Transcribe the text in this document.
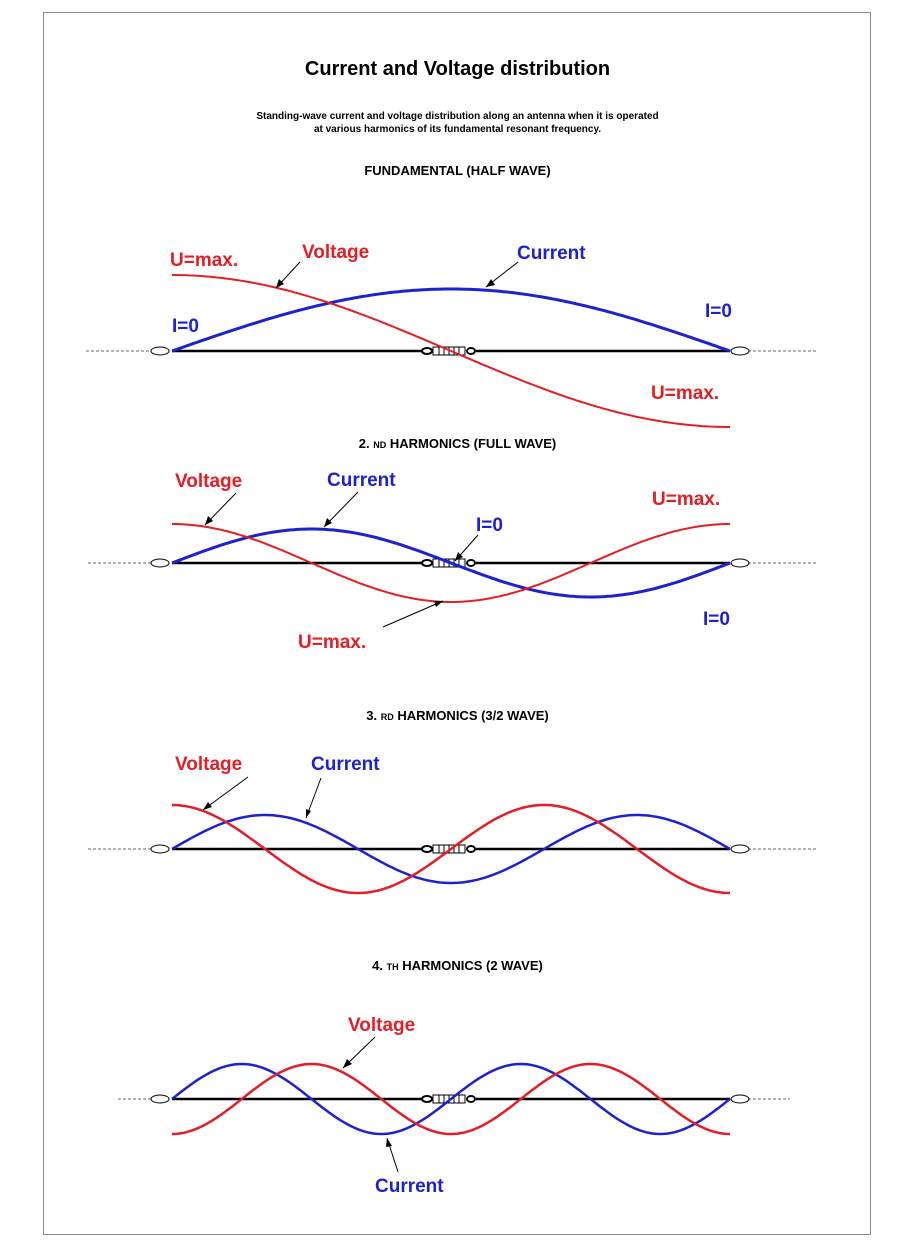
Current and Voltage distribution
Standing-wave current and voltage distribution along an antenna when it is operated
at various harmonics of its fundamental resonant frequency.
FUNDAMENTAL (HALF WAVE)
2. ND HARMONICS (FULL WAVE)
3. RD HARMONICS (3/2 WAVE)
4. TH HARMONICS (2 WAVE)
U=max.	Voltage	Current
I=0
I=0
U=max.
Voltage	Current
U=max.
I=0
I=0
U=max.
Voltage	Current
Voltage
Current
